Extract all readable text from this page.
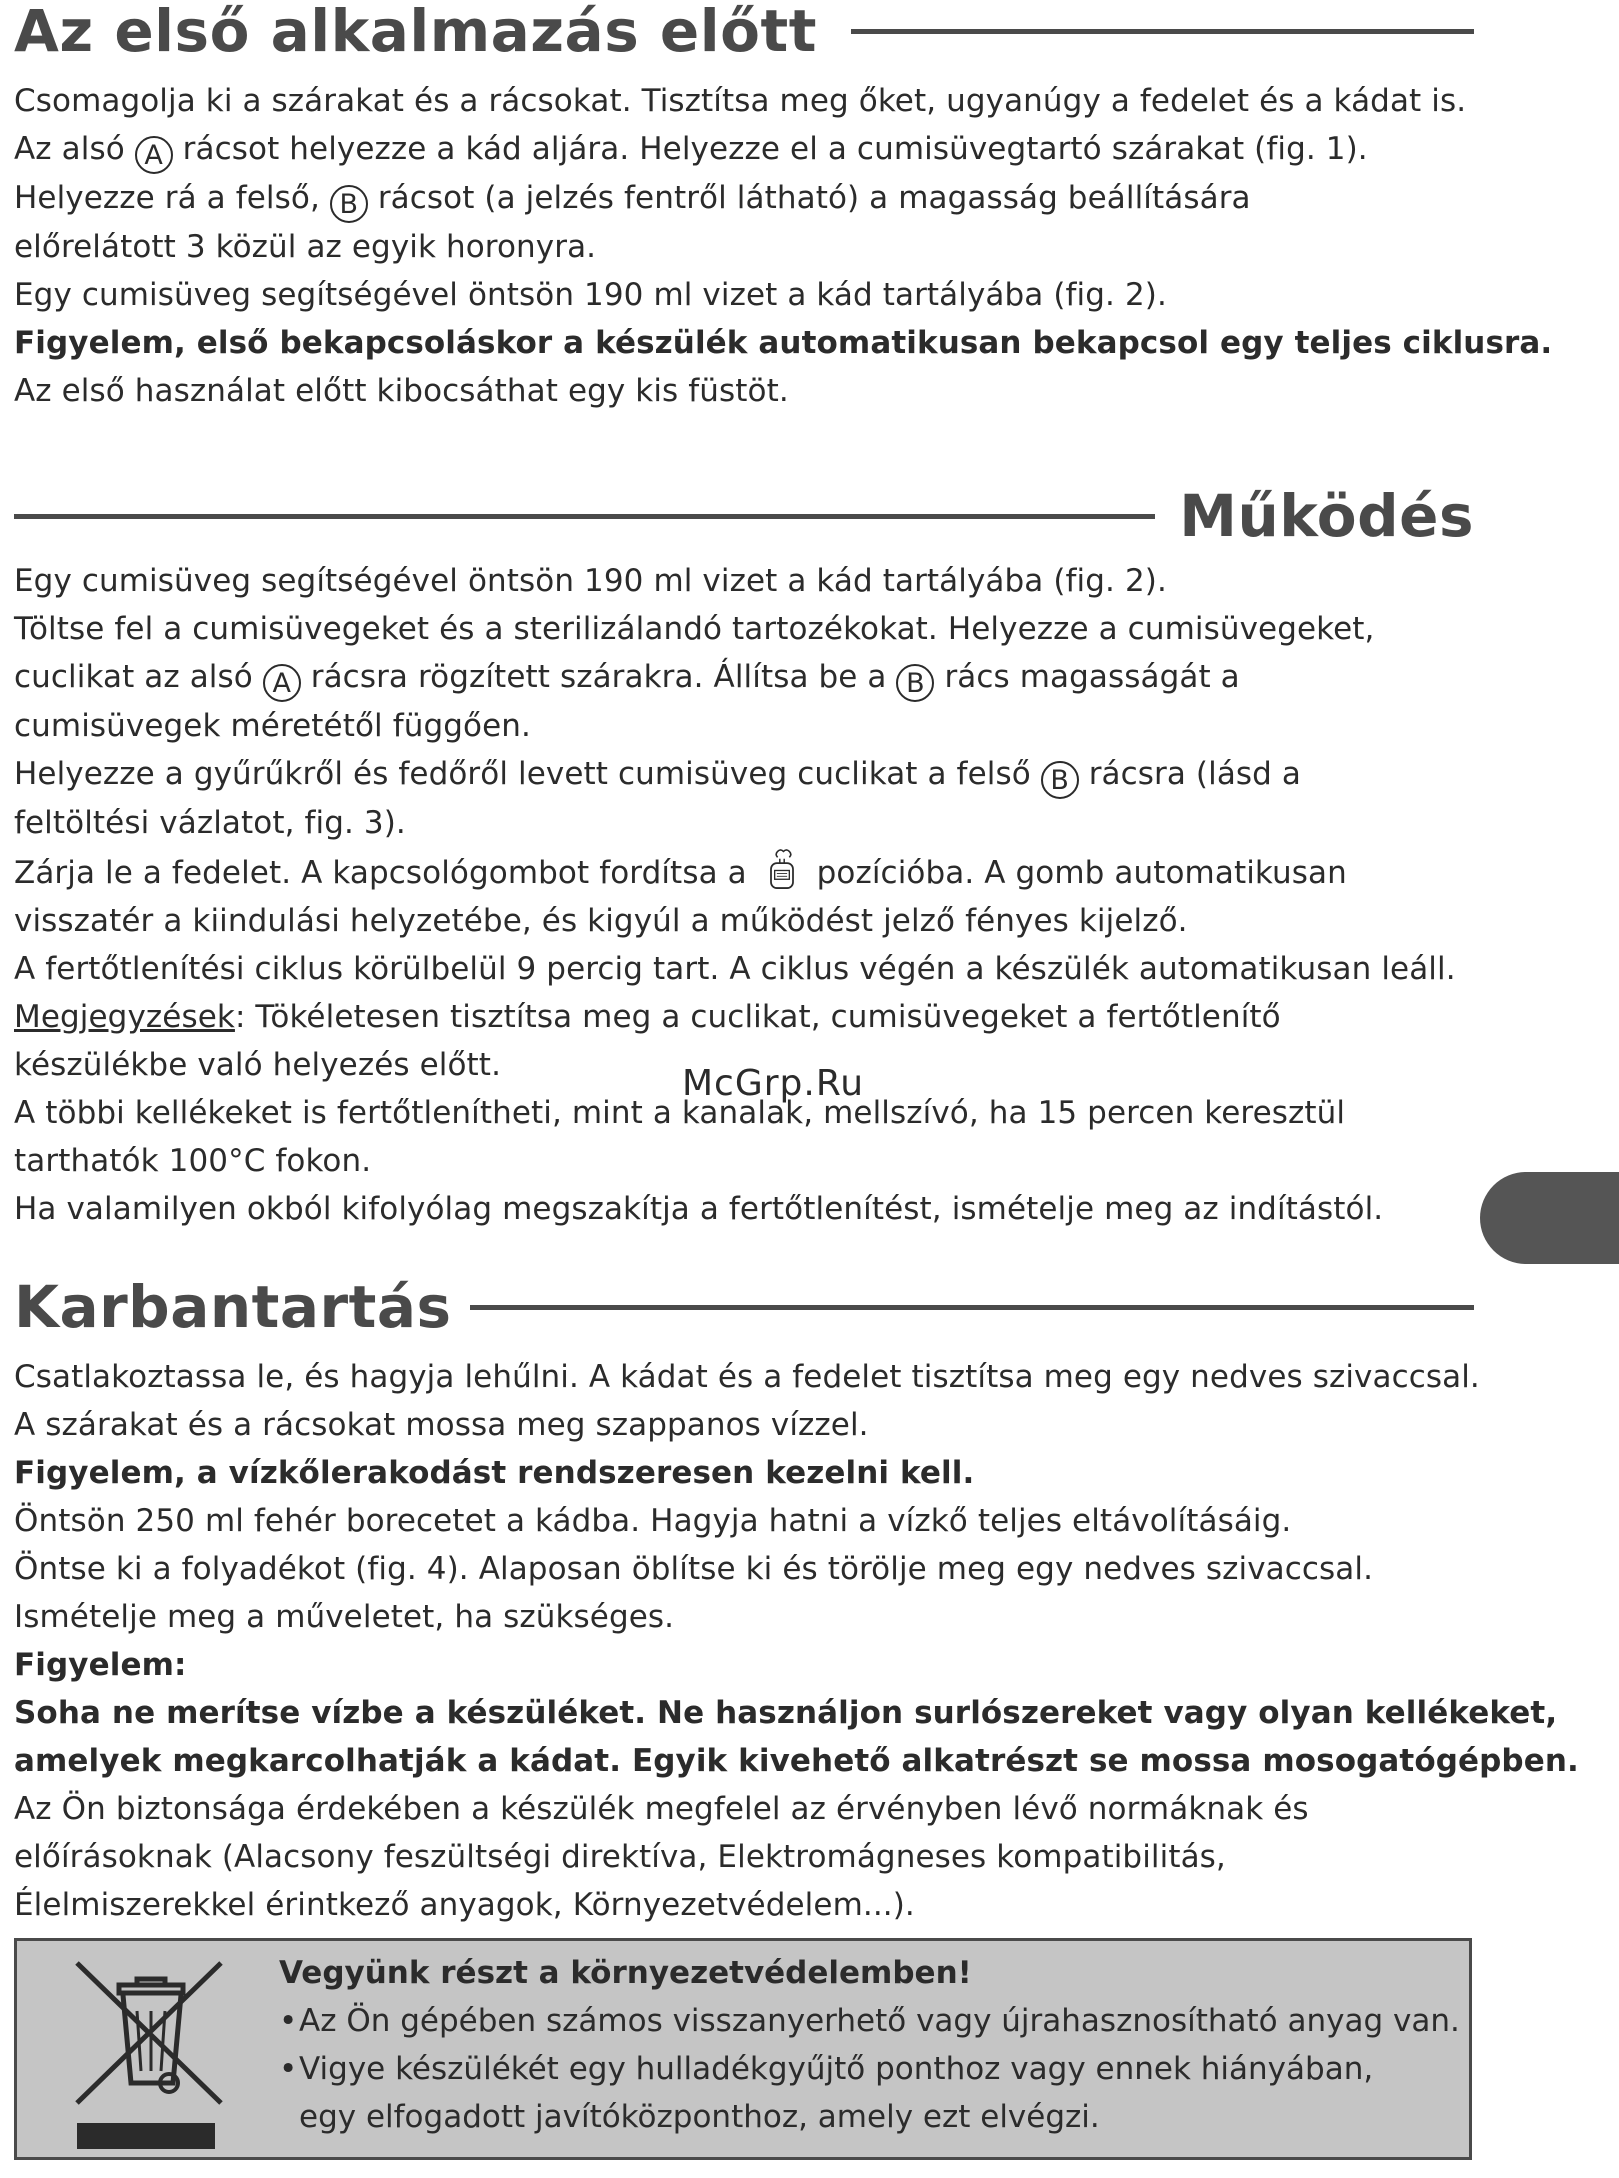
Az első alkalmazás előtt

Csomagolja ki a szárakat és a rácsokat. Tisztítsa meg őket, ugyanúgy a fedelet és a kádat is.

Az alsó A rácsot helyezze a kád aljára. Helyezze el a cumisüvegtartó szárakat (fig. 1).

Helyezze rá a felső, B rácsot (a jelzés fentről látható) a magasság beállítására

előrelátott 3 közül az egyik horonyra.

Egy cumisüveg segítségével öntsön 190 ml vizet a kád tartályába (fig. 2).

Figyelem, első bekapcsoláskor a készülék automatikusan bekapcsol egy teljes ciklusra.

Az első használat előtt kibocsáthat egy kis füstöt.

Működés

Egy cumisüveg segítségével öntsön 190 ml vizet a kád tartályába (fig. 2).

Töltse fel a cumisüvegeket és a sterilizálandó tartozékokat. Helyezze a cumisüvegeket,

cuclikat az alsó A rácsra rögzített szárakra. Állítsa be a B rács magasságát a

cumisüvegek méretétől függően.

Helyezze a gyűrűkről és fedőről levett cumisüveg cuclikat a felső B rácsra (lásd a

feltöltési vázlatot, fig. 3).

Zárja le a fedelet. A kapcsológombot fordítsa a  pozícióba. A gomb automatikusan

visszatér a kiindulási helyzetébe, és kigyúl a működést jelző fényes kijelző.

A fertőtlenítési ciklus körülbelül 9 percig tart. A ciklus végén a készülék automatikusan leáll.

Megjegyzések: Tökéletesen tisztítsa meg a cuclikat, cumisüvegeket a fertőtlenítő

készülékbe való helyezés előtt.

A többi kellékeket is fertőtlenítheti, mint a kanalak, mellszívó, ha 15 percen keresztül

tarthatók 100°C fokon.

Ha valamilyen okból kifolyólag megszakítja a fertőtlenítést, ismételje meg az indítástól.

Karbantartás

Csatlakoztassa le, és hagyja lehűlni. A kádat és a fedelet tisztítsa meg egy nedves szivaccsal.

A szárakat és a rácsokat mossa meg szappanos vízzel.

Figyelem, a vízkőlerakodást rendszeresen kezelni kell.

Öntsön 250 ml fehér borecetet a kádba. Hagyja hatni a vízkő teljes eltávolításáig.

Öntse ki a folyadékot (fig. 4). Alaposan öblítse ki és törölje meg egy nedves szivaccsal.

Ismételje meg a műveletet, ha szükséges.

Figyelem:

Soha ne merítse vízbe a készüléket. Ne használjon surlószereket vagy olyan kellékeket,

amelyek megkarcolhatják a kádat. Egyik kivehető alkatrészt se mossa mosogatógépben.

Az Ön biztonsága érdekében a készülék megfelel az érvényben lévő normáknak és

előírásoknak (Alacsony feszültségi direktíva, Elektromágneses kompatibilitás,

Élelmiszerekkel érintkező anyagok, Környezetvédelem...).

McGrp.Ru

Vegyünk részt a környezetvédelemben!

•Az Ön gépében számos visszanyerhető vagy újrahasznosítható anyag van.

•Vigye készülékét egy hulladékgyűjtő ponthoz vagy ennek hiányában,

egy elfogadott javítóközponthoz, amely ezt elvégzi.
